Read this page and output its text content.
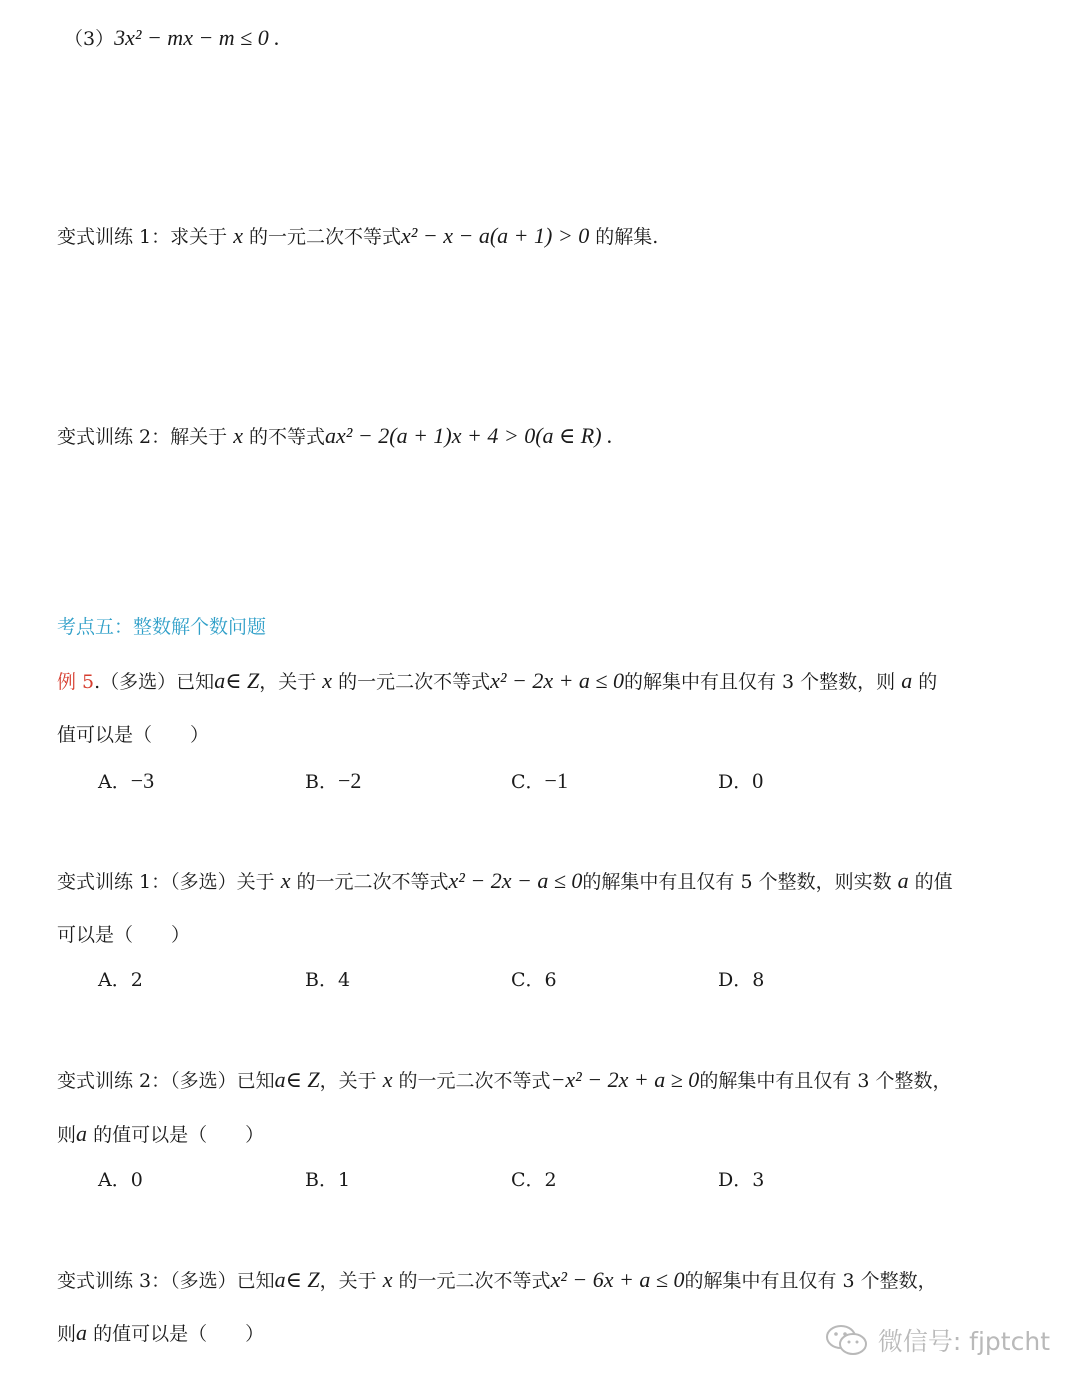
（3）3x² − mx − m ≤ 0 .
变式训练 1：求关于 x 的一元二次不等式x² − x − a(a + 1) > 0 的解集.
变式训练 2：解关于 x 的不等式ax² − 2(a + 1)x + 4 > 0(a ∈ R) .
考点五：整数解个数问题
例 5.（多选）已知a∈ Z，关于 x 的一元二次不等式x² − 2x + a ≤ 0的解集中有且仅有 3 个整数，则 a 的
值可以是（　　）
A．−3	B．−2	C．−1	D．0
变式训练 1：（多选）关于 x 的一元二次不等式x² − 2x − a ≤ 0的解集中有且仅有 5 个整数，则实数 a 的值
可以是（　　）
A．2	B．4	C．6	D．8
变式训练 2：（多选）已知a∈ Z，关于 x 的一元二次不等式−x² − 2x + a ≥ 0的解集中有且仅有 3 个整数，
则a 的值可以是（　　）
A．0	B．1	C．2	D．3
变式训练 3：（多选）已知a∈ Z，关于 x 的一元二次不等式x² − 6x + a ≤ 0的解集中有且仅有 3 个整数，
则a 的值可以是（　　）	微信号: fjptcht
